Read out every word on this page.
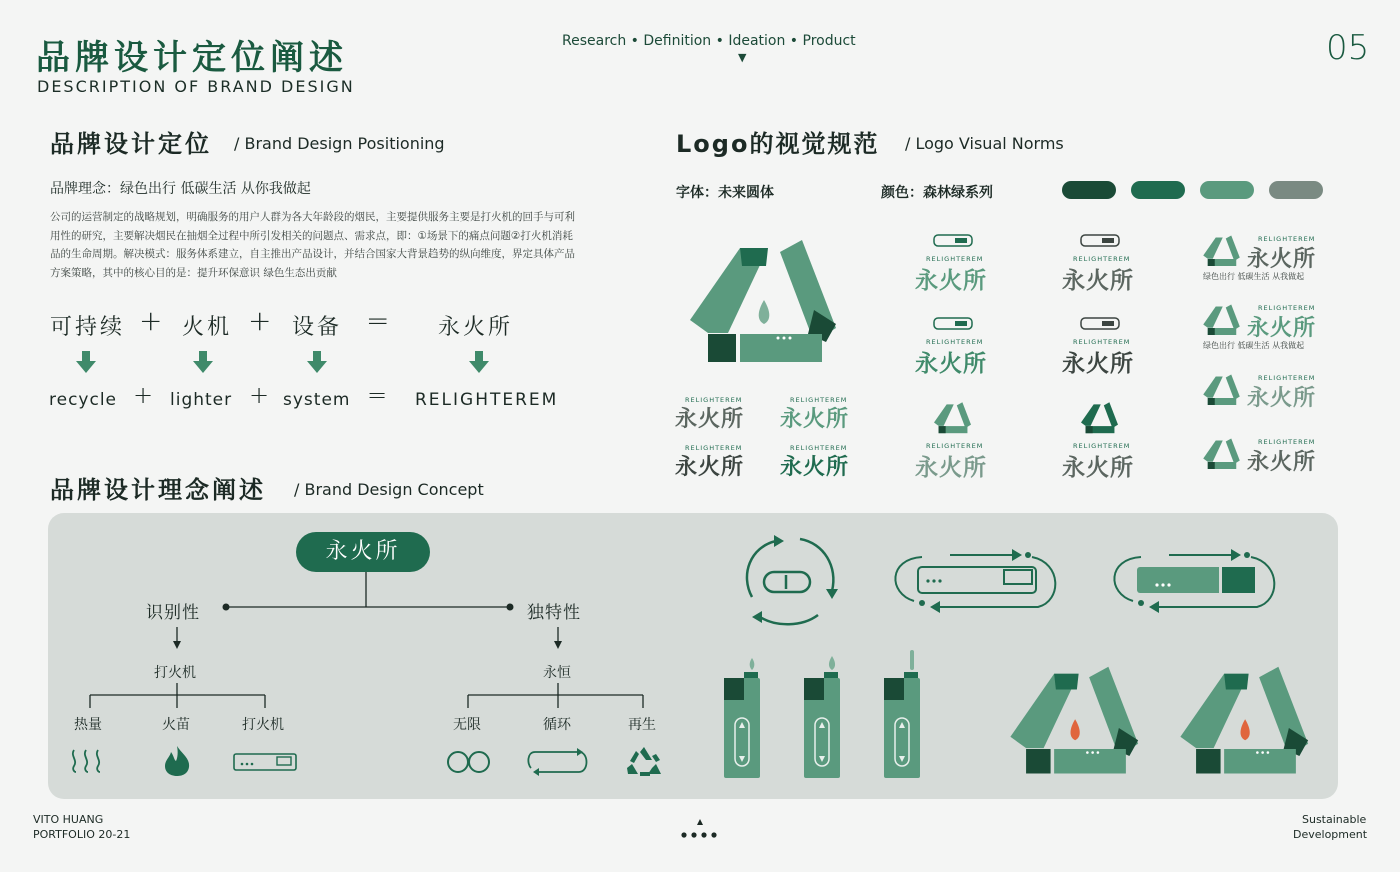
品牌设计定位阐述
DESCRIPTION OF BRAND DESIGN
Research • Definition • Ideation • Product
▼	05
品牌设计定位 / Brand Design Positioning
品牌理念：绿色出行 低碳生活 从你我做起
公司的运营制定的战略规划，明确服务的用户人群为各大年龄段的烟民，主要提供服务主要是打火机的回手与可利用性的研究，主要解决烟民在抽烟全过程中所引发相关的问题点、需求点，即：①场景下的痛点问题②打火机消耗品的生命周期。解决模式：服务体系建立，自主推出产品设计，并结合国家大背景趋势的纵向维度，界定具体产品方案策略，其中的核心目的是：提升环保意识 绿色生态出贡献
可持续 + 火机 + 设备 = 永火所
recycle + lighter + system = RELIGHTEREM
品牌设计理念阐述 / Brand Design Concept
Logo的视觉规范 / Logo Visual Norms
字体：未来圆体	颜色：森林绿系列
RELIGHTEREM
永火所
RELIGHTEREM
永火所
RELIGHTEREM
永火所
RELIGHTEREM
永火所
RELIGHTEREM
永火所
RELIGHTEREM
永火所
RELIGHTEREM
永火所
RELIGHTEREM
永火所
RELIGHTEREM
永火所
RELIGHTEREM
永火所
RELIGHTEREM
永火所
绿色出行 低碳生活 从我做起
RELIGHTEREM
永火所
绿色出行 低碳生活 从我做起
RELIGHTEREM
永火所
RELIGHTEREM
永火所
永火所
识别性	独特性
打火机	永恒
热量	火苗	打火机	无限	循环	再生
VITO HUANG
PORTFOLIO 20-21
Sustainable
Development
